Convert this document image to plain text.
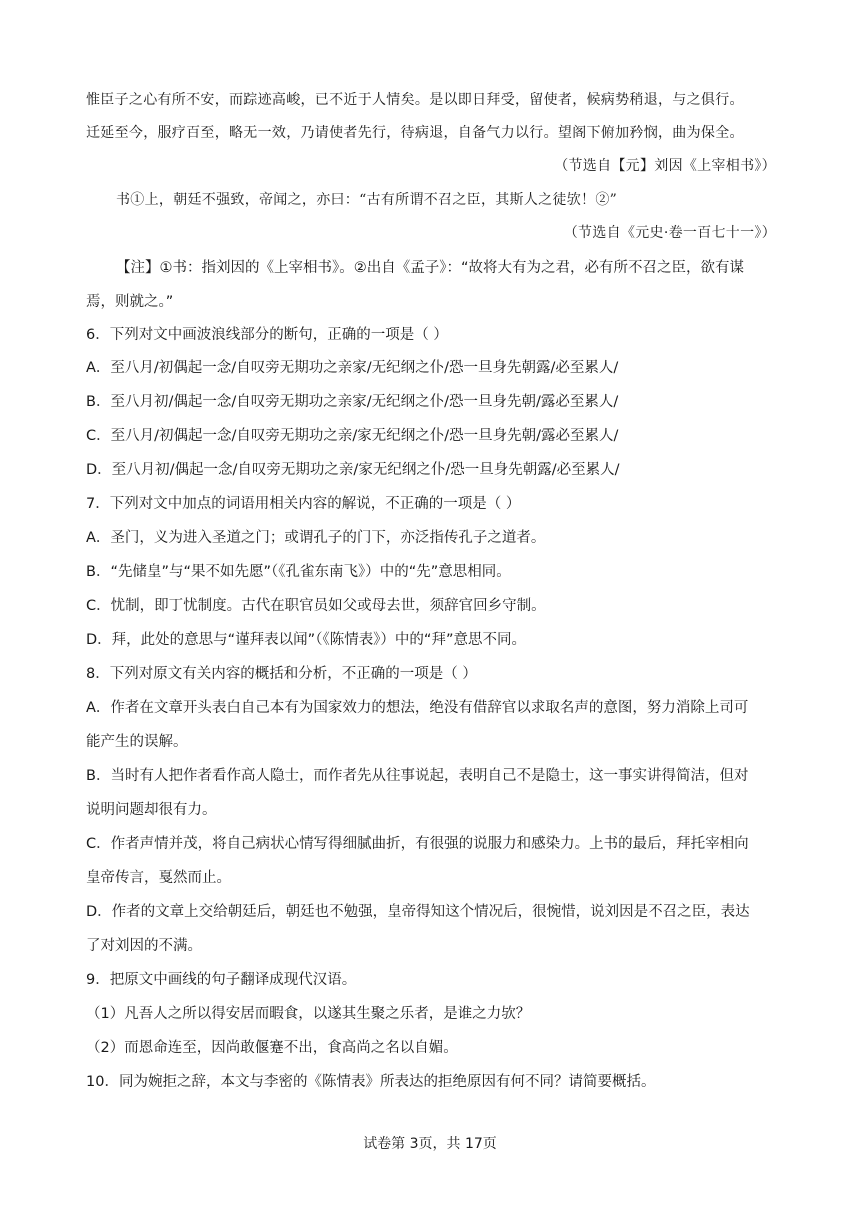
惟臣子之心有所不安，而踪迹高峻，已不近于人情矣。是以即日拜受，留使者，候病势稍退，与之俱行。
迁延至今，服疗百至，略无一效，乃请使者先行，待病退，自备气力以行。望阁下俯加矜悯，曲为保全。
（节选自【元】刘因《上宰相书》）
书①上，朝廷不强致，帝闻之，亦曰：“古有所谓不召之臣，其斯人之徒欤！②”
（节选自《元史·卷一百七十一》）
【注】①书：指刘因的《上宰相书》。②出自《孟子》：“故将大有为之君，必有所不召之臣，欲有谋
焉，则就之。”
6．下列对文中画波浪线部分的断句，正确的一项是（ ）
A．至八月/初偶起一念/自叹旁无期功之亲家/无纪纲之仆/恐一旦身先朝露/必至累人/
B．至八月初/偶起一念/自叹旁无期功之亲家/无纪纲之仆/恐一旦身先朝/露必至累人/
C．至八月/初偶起一念/自叹旁无期功之亲/家无纪纲之仆/恐一旦身先朝/露必至累人/
D．至八月初/偶起一念/自叹旁无期功之亲/家无纪纲之仆/恐一旦身先朝露/必至累人/
7．下列对文中加点的词语用相关内容的解说，不正确的一项是（ ）
A．圣门，义为进入圣道之门；或谓孔子的门下，亦泛指传孔子之道者。
B．“先储皇”与“果不如先愿”（《孔雀东南飞》）中的“先”意思相同。
C．忧制，即丁忧制度。古代在职官员如父或母去世，须辞官回乡守制。
D．拜，此处的意思与“谨拜表以闻”（《陈情表》）中的“拜”意思不同。
8．下列对原文有关内容的概括和分析，不正确的一项是（ ）
A．作者在文章开头表白自己本有为国家效力的想法，绝没有借辞官以求取名声的意图，努力消除上司可
能产生的误解。
B．当时有人把作者看作高人隐士，而作者先从往事说起，表明自己不是隐士，这一事实讲得简洁，但对
说明问题却很有力。
C．作者声情并茂，将自己病状心情写得细腻曲折，有很强的说服力和感染力。上书的最后，拜托宰相向
皇帝传言，戛然而止。
D．作者的文章上交给朝廷后，朝廷也不勉强，皇帝得知这个情况后，很惋惜，说刘因是不召之臣，表达
了对刘因的不满。
9．把原文中画线的句子翻译成现代汉语。
（1）凡吾人之所以得安居而暇食，以遂其生聚之乐者，是谁之力欤？
（2）而恩命连至，因尚敢偃蹇不出，食高尚之名以自媚。
10．同为婉拒之辞，本文与李密的《陈情表》所表达的拒绝原因有何不同？请简要概括。
试卷第 3页，共 17页
